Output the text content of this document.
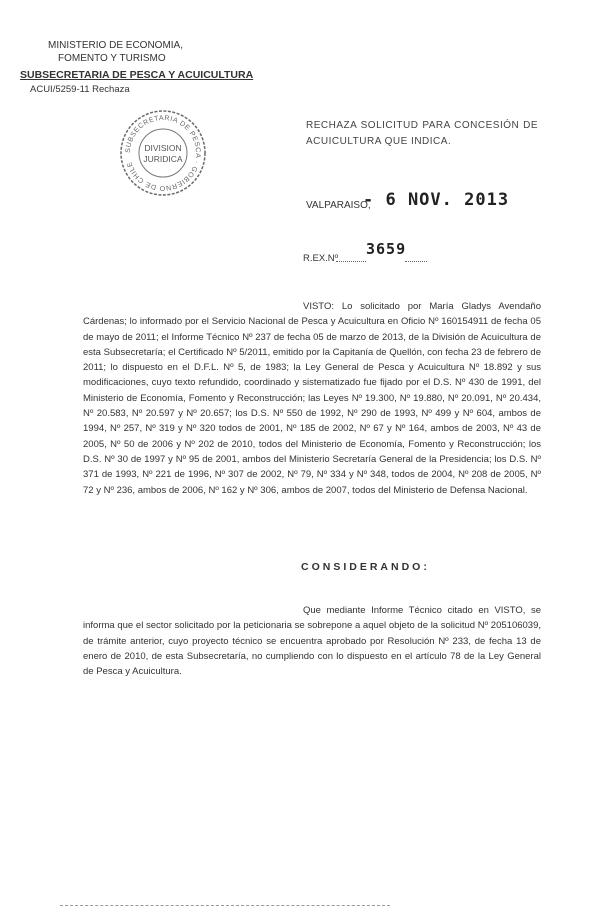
MINISTERIO DE ECONOMIA,
FOMENTO Y TURISMO
SUBSECRETARIA DE PESCA Y ACUICULTURA
ACUI/5259-11 Rechaza
SUBSECRETARIA DE PESCA · GOBIERNO DE CHILE
DIVISION
JURIDICA
RECHAZA SOLICITUD PARA CONCESIÓN DE
ACUICULTURA QUE INDICA.
VALPARAISO,
- 6 NOV. 2013
R.EX.Nº
3659
VISTO: Lo solicitado por María Gladys Avendaño Cárdenas; lo informado por el Servicio Nacional de Pesca y Acuicultura en Oficio Nº 160154911 de fecha 05 de mayo de 2011; el Informe Técnico Nº 237 de fecha 05 de marzo de 2013, de la División de Acuicultura de esta Subsecretaría; el Certificado Nº 5/2011, emitido por la Capitanía de Quellón, con fecha 23 de febrero de 2011; lo dispuesto en el D.F.L. Nº 5, de 1983; la Ley General de Pesca y Acuicultura Nº 18.892 y sus modificaciones, cuyo texto refundido, coordinado y sistematizado fue fijado por el D.S. Nº 430 de 1991, del Ministerio de Economía, Fomento y Reconstrucción; las Leyes Nº 19.300, Nº 19.880, Nº 20.091, Nº 20.434, Nº 20.583, Nº 20.597 y Nº 20.657; los D.S. Nº 550 de 1992, Nº 290 de 1993, Nº 499 y Nº 604, ambos de 1994, Nº 257, Nº 319 y Nº 320 todos de 2001, Nº 185 de 2002, Nº 67 y Nº 164, ambos de 2003, Nº 43 de 2005, Nº 50 de 2006 y Nº 202 de 2010, todos del Ministerio de Economía, Fomento y Reconstrucción; los D.S. Nº 30 de 1997 y Nº 95 de 2001, ambos del Ministerio Secretaría General de la Presidencia; los D.S. Nº 371 de 1993, Nº 221 de 1996, Nº 307 de 2002, Nº 79, Nº 334 y Nº 348, todos de 2004, Nº 208 de 2005, Nº 72 y Nº 236, ambos de 2006, Nº 162 y Nº 306, ambos de 2007, todos del Ministerio de Defensa Nacional.
CONSIDERANDO:
Que mediante Informe Técnico citado en VISTO, se informa que el sector solicitado por la peticionaria se sobrepone a aquel objeto de la solicitud Nº 205106039, de trámite anterior, cuyo proyecto técnico se encuentra aprobado por Resolución Nº 233, de fecha 13 de enero de 2010, de esta Subsecretaría, no cumpliendo con lo dispuesto en el artículo 78 de la Ley General de Pesca y Acuicultura.
